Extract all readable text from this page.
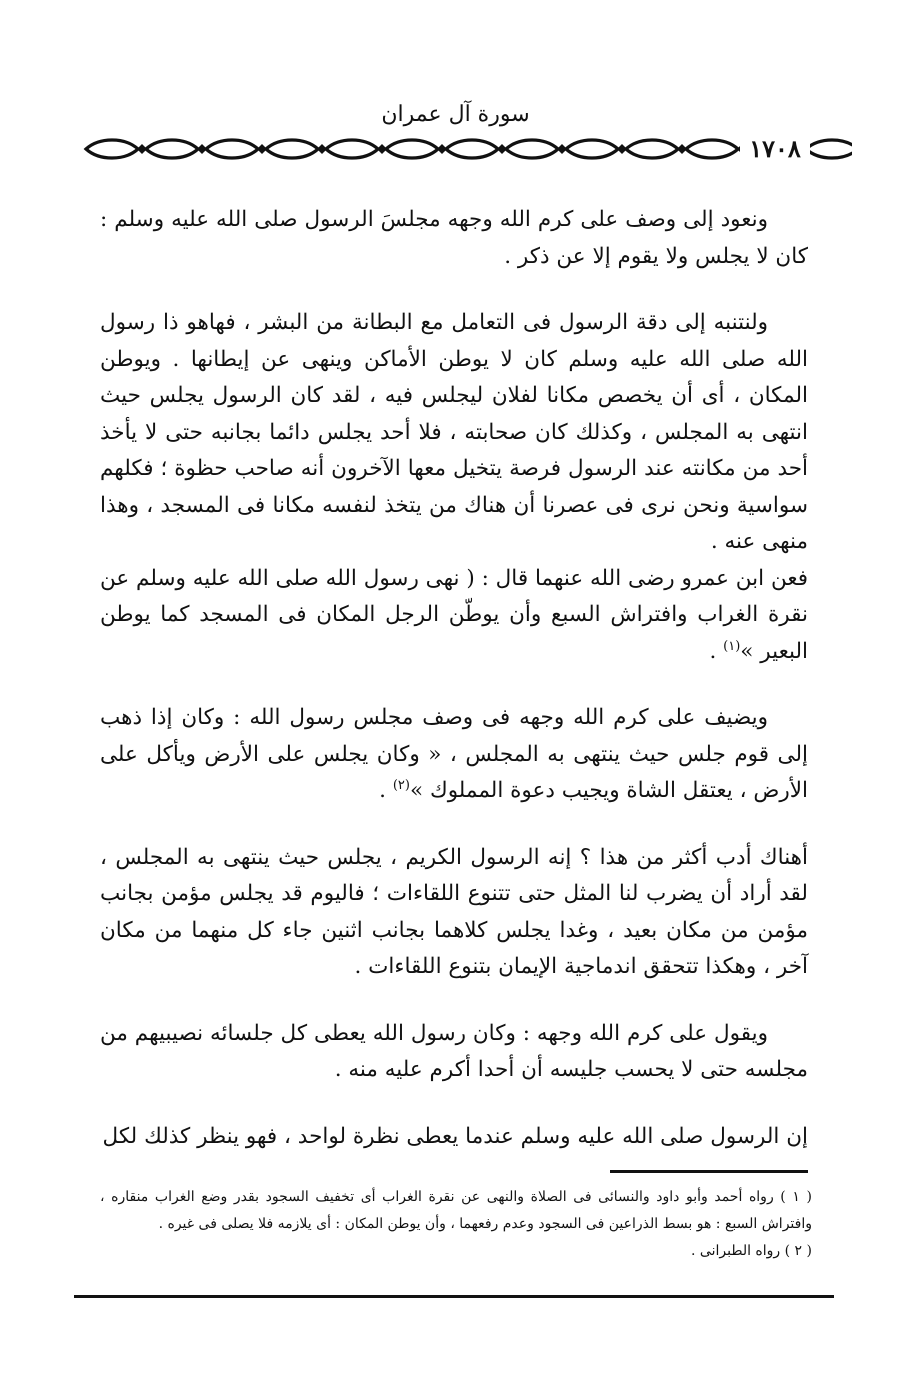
سورة آل عمران
١٧٠٨

ونعود إلى وصف على كرم الله وجهه مجلسَ الرسول صلى الله عليه وسلم : كان لا يجلس ولا يقوم إلا عن ذكر .

ولنتنبه إلى دقة الرسول فى التعامل مع البطانة من البشر ، فهاهو ذا رسول الله صلى الله عليه وسلم كان لا يوطن الأماكن وينهى عن إيطانها . ويوطن المكان ، أى أن يخصص مكانا لفلان ليجلس فيه ، لقد كان الرسول يجلس حيث انتهى به المجلس ، وكذلك كان صحابته ، فلا أحد يجلس دائما بجانبه حتى لا يأخذ أحد من مكانته عند الرسول فرصة يتخيل معها الآخرون أنه صاحب حظوة ؛ فكلهم سواسية ونحن نرى فى عصرنا أن هناك من يتخذ لنفسه مكانا فى المسجد ، وهذا منهى عنه .
فعن ابن عمرو رضى الله عنهما قال : ( نهى رسول الله صلى الله عليه وسلم عن نقرة الغراب وافتراش السبع وأن يوطّن الرجل المكان فى المسجد كما يوطن البعير »$^{(١)}$ .

ويضيف على كرم الله وجهه فى وصف مجلس رسول الله : وكان إذا ذهب إلى قوم جلس حيث ينتهى به المجلس ، « وكان يجلس على الأرض ويأكل على الأرض ، يعتقل الشاة ويجيب دعوة المملوك »$^{(٢)}$ .

أهناك أدب أكثر من هذا ؟ إنه الرسول الكريم ، يجلس حيث ينتهى به المجلس ، لقد أراد أن يضرب لنا المثل حتى تتنوع اللقاءات ؛ فاليوم قد يجلس مؤمن بجانب مؤمن من مكان بعيد ، وغدا يجلس كلاهما بجانب اثنين جاء كل منهما من مكان آخر ، وهكذا تتحقق اندماجية الإيمان بتنوع اللقاءات .

ويقول على كرم الله وجهه : وكان رسول الله يعطى كل جلسائه نصيبيهم من مجلسه حتى لا يحسب جليسه أن أحدا أكرم عليه منه .

إن الرسول صلى الله عليه وسلم عندما يعطى نظرة لواحد ، فهو ينظر كذلك لكل

( ١ ) رواه أحمد وأبو داود والنسائى فى الصلاة والنهى عن نقرة الغراب أى تخفيف السجود بقدر وضع الغراب منقاره ، وافتراش السبع : هو بسط الذراعين فى السجود وعدم رفعهما ، وأن يوطن المكان : أى يلازمه فلا يصلى فى غيره .
( ٢ ) رواه الطبرانى .
